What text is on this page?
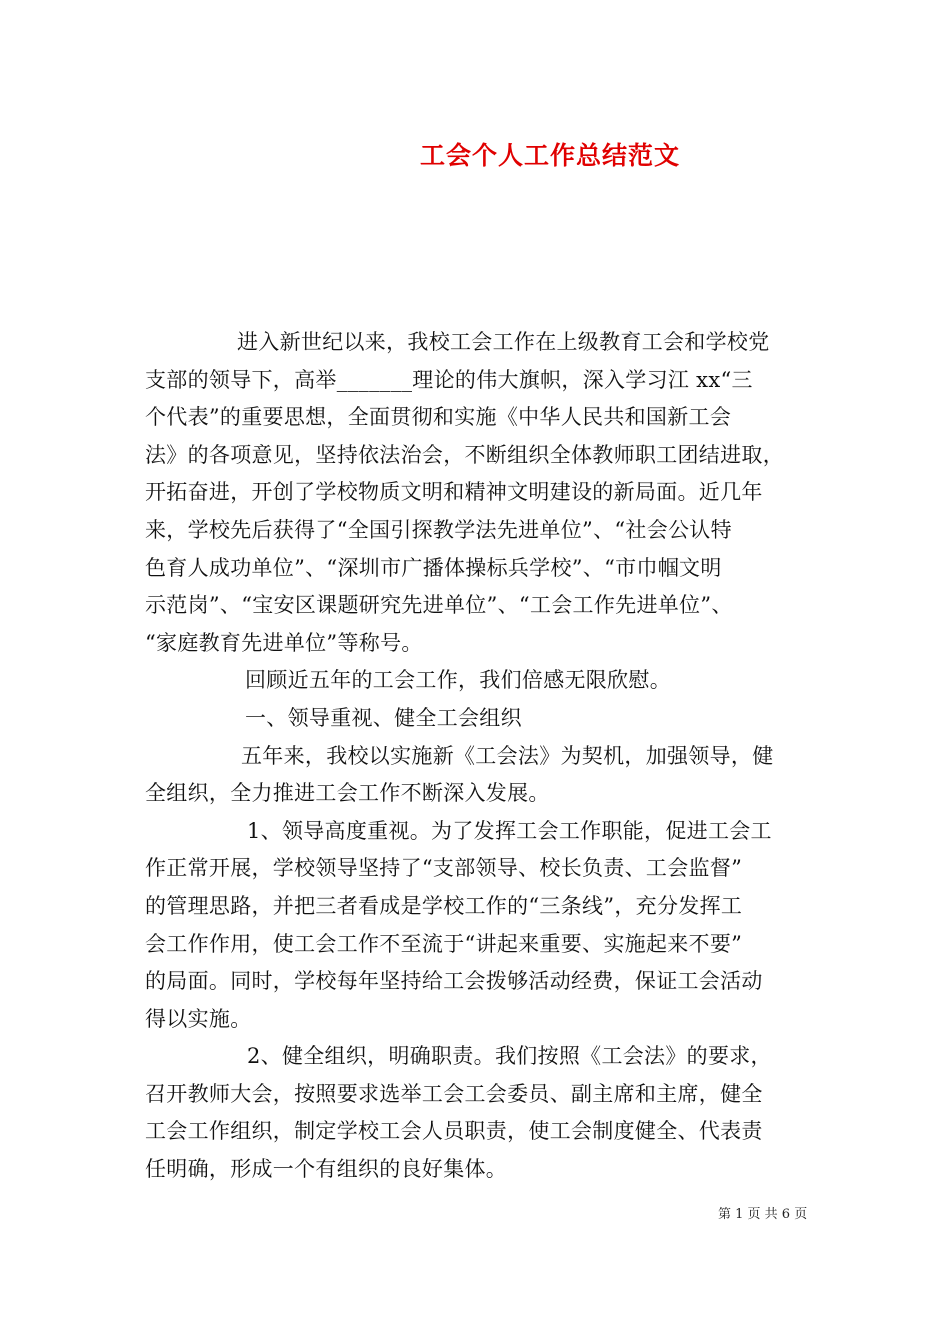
工会个人工作总结范文
进入新世纪以来，我校工会工作在上级教育工会和学校党
支部的领导下，高举_______理论的伟大旗帜，深入学习江 xx“三
个代表”的重要思想，全面贯彻和实施《中华人民共和国新工会
法》的各项意见，坚持依法治会，不断组织全体教师职工团结进取，
开拓奋进，开创了学校物质文明和精神文明建设的新局面。近几年
来，学校先后获得了“全国引探教学法先进单位”、“社会公认特
色育人成功单位”、“深圳市广播体操标兵学校”、“市巾帼文明
示范岗”、“宝安区课题研究先进单位”、“工会工作先进单位”、
“家庭教育先进单位”等称号。
回顾近五年的工会工作，我们倍感无限欣慰。
一、领导重视、健全工会组织
五年来，我校以实施新《工会法》为契机，加强领导，健
全组织，全力推进工会工作不断深入发展。
1、领导高度重视。为了发挥工会工作职能，促进工会工
作正常开展，学校领导坚持了“支部领导、校长负责、工会监督”
的管理思路，并把三者看成是学校工作的“三条线”，充分发挥工
会工作作用，使工会工作不至流于“讲起来重要、实施起来不要”
的局面。同时，学校每年坚持给工会拨够活动经费，保证工会活动
得以实施。
2、健全组织，明确职责。我们按照《工会法》的要求，
召开教师大会，按照要求选举工会工会委员、副主席和主席，健全
工会工作组织，制定学校工会人员职责，使工会制度健全、代表责
任明确，形成一个有组织的良好集体。
第 1 页 共 6 页
